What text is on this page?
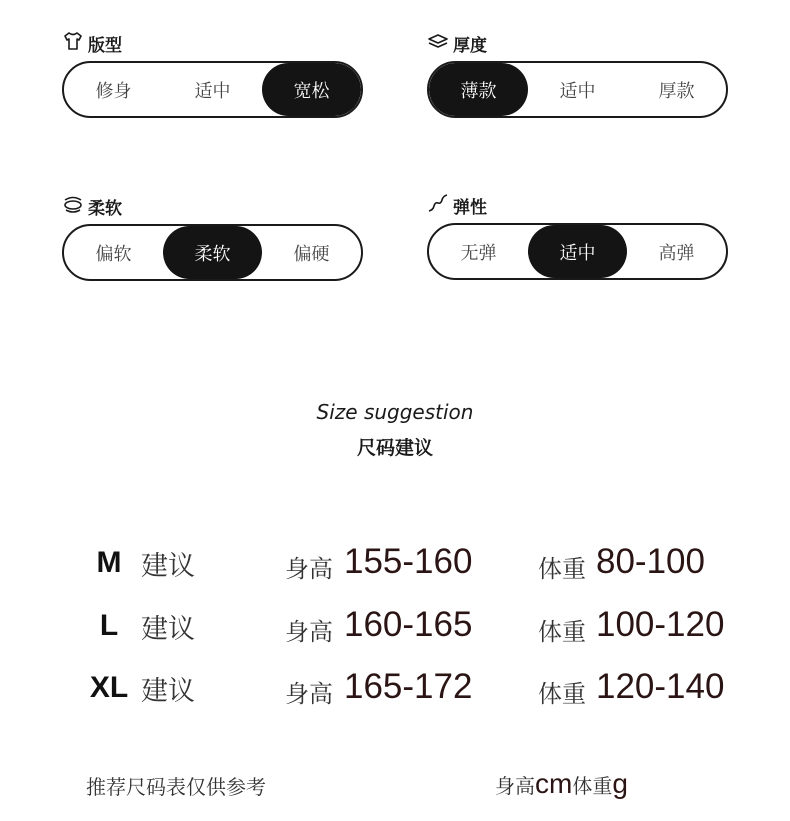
版型
修身	适中	宽松
厚度
薄款	适中	厚款
柔软
偏软	柔软	偏硬
弹性
无弹	适中	高弹
Size suggestion
尺码建议
M 建议	身高 155-160	体重 80-100
L 建议	身高 160-165	体重 100-120
XL 建议	身高 165-172	体重 120-140
推荐尺码表仅供参考	身高 cm 体重 g
